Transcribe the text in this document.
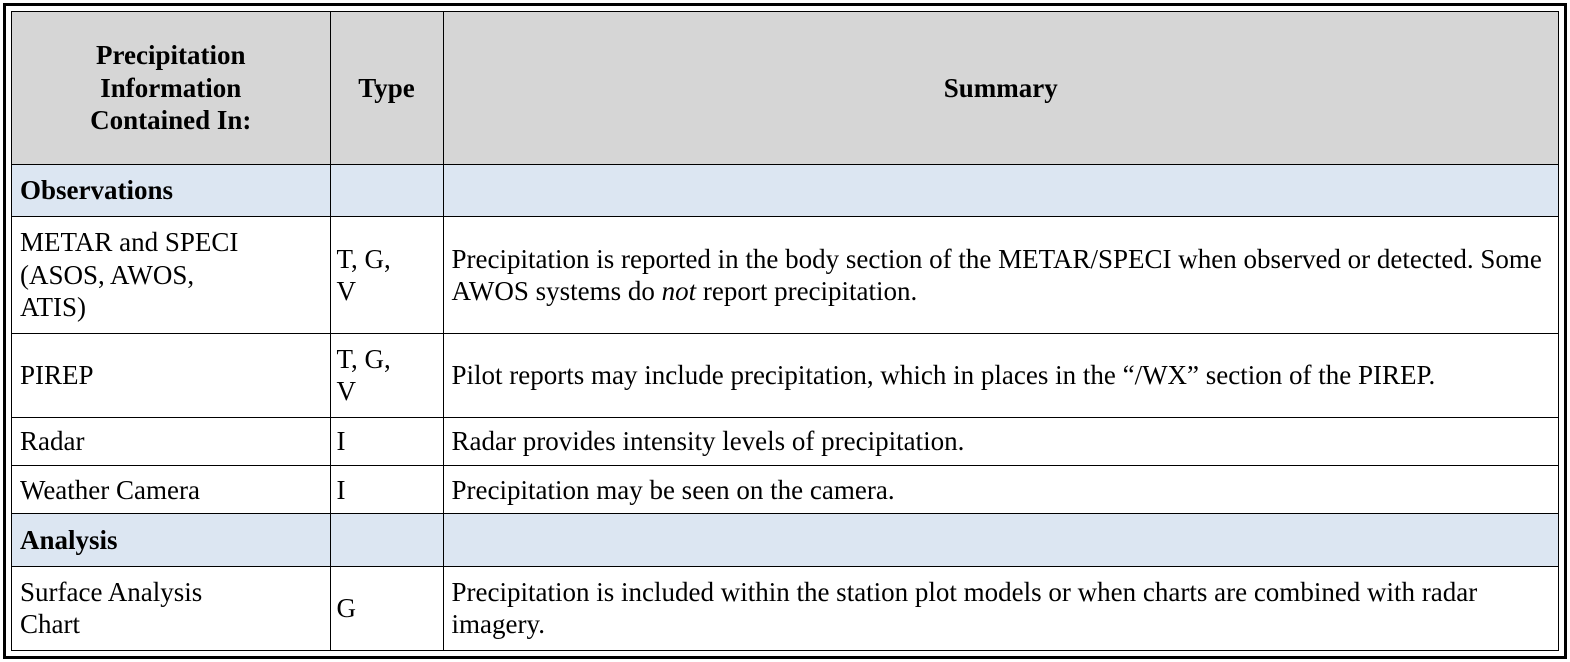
Precipitation
Information
Contained In:	Type	Summary
Observations		
METAR and SPECI
(ASOS, AWOS,
ATIS)	T, G,
V	Precipitation is reported in the body section of the METAR/SPECI when observed or detected. Some AWOS systems do not report precipitation.
PIREP	T, G,
V	Pilot reports may include precipitation, which in places in the “/WX” section of the PIREP.
Radar	I	Radar provides intensity levels of precipitation.
Weather Camera	I	Precipitation may be seen on the camera.
Analysis		
Surface Analysis
Chart	G	Precipitation is included within the station plot models or when charts are combined with radar imagery.
